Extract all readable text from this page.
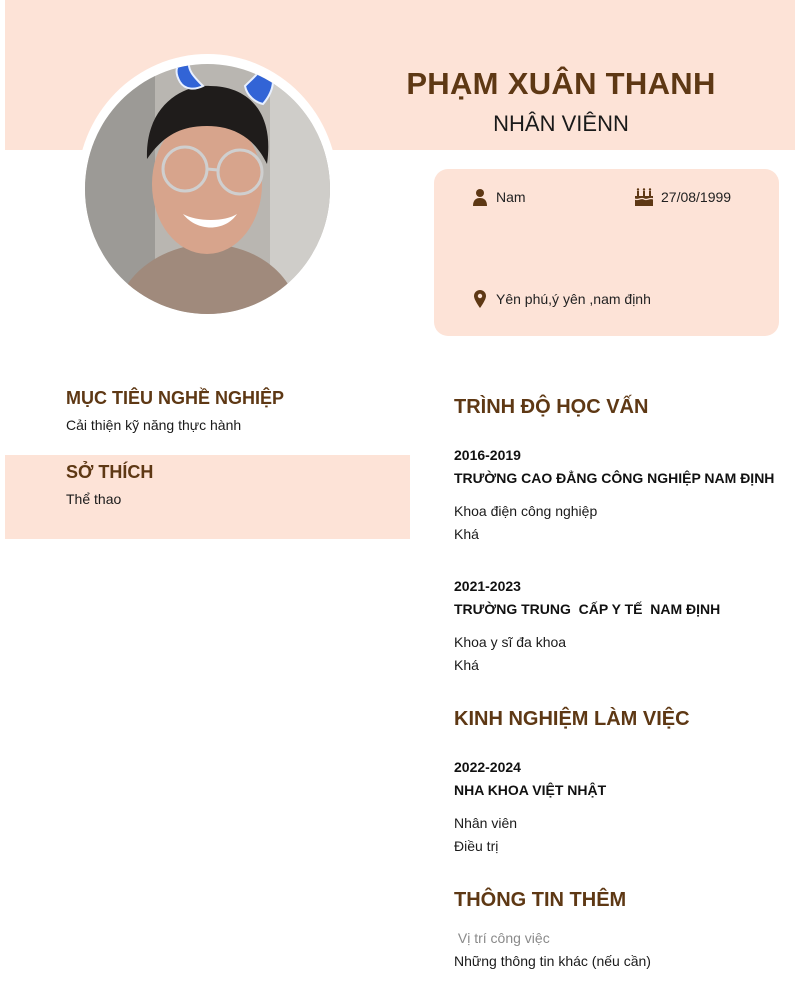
PHẠM XUÂN THANH
NHÂN VIÊNN
Nam	27/08/1999
Yên phú,ý yên ,nam định
MỤC TIÊU NGHỀ NGHIỆP
Cải thiện kỹ năng thực hành
SỞ THÍCH
Thể thao
TRÌNH ĐỘ HỌC VẤN
2016-2019
TRƯỜNG CAO ĐẲNG CÔNG NGHIỆP NAM ĐỊNH
Khoa điện công nghiệp
Khá
2021-2023
TRƯỜNG TRUNG  CẤP Y TẾ  NAM ĐỊNH
Khoa y sĩ đa khoa
Khá
KINH NGHIỆM LÀM VIỆC
2022-2024
NHA KHOA VIỆT NHẬT
Nhân viên
Điều trị
THÔNG TIN THÊM
Vị trí công việc
Những thông tin khác (nếu cần)
